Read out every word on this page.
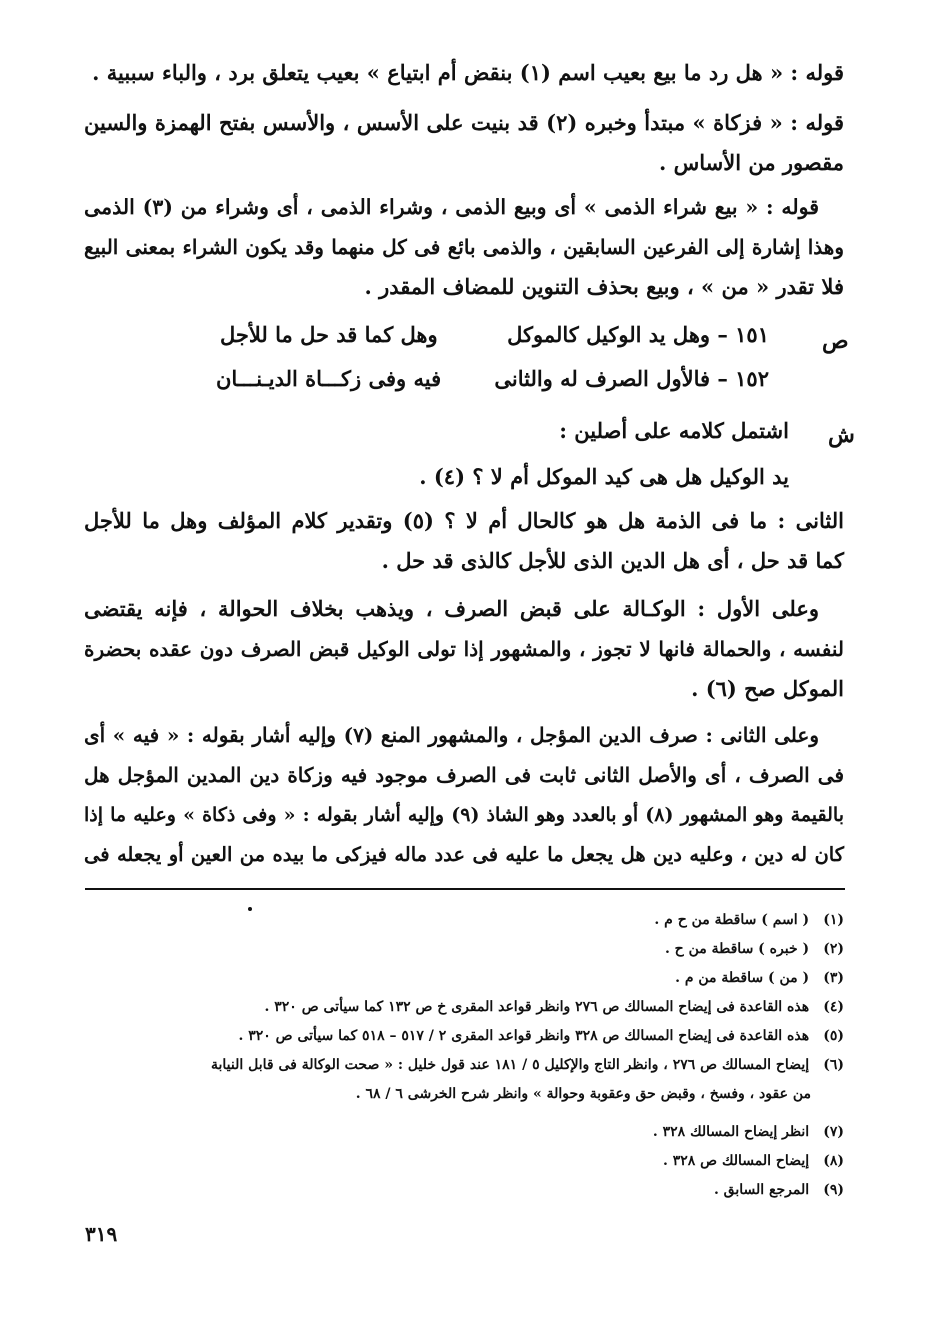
قوله : « هل رد ما بيع بعيب اسم (١) بنقض أم ابتياع » بعيب يتعلق برد ، والباء سببية .
قوله : « فزكاة » مبتدأ وخبره (٢) قد بنيت على الأسس ، والأسس بفتح الهمزة والسين
مقصور من الأساس .
قوله : « بيع شراء الذمى » أى وبيع الذمى ، وشراء الذمى ، أى وشراء من (٣) الذمى
وهذا إشارة إلى الفرعين السابقين ، والذمى بائع فى كل منهما وقد يكون الشراء بمعنى البيع
فلا تقدر « من » ، وبيع بحذف التنوين للمضاف المقدر .
ص
١٥١ – وهل يد الوكيل كالموكل
وهل كما قد حل ما للأجل
١٥٢ – فالأول الصرف له والثانى
فيه وفى زكـــاة الديـنـــان
ش
اشتمل كلامه على أصلين :
يد الوكيل هل هى كيد الموكل أم لا ؟ (٤) .
الثانى : ما فى الذمة هل هو كالحال أم لا ؟ (٥) وتقدير كلام المؤلف وهل ما للأجل
كما قد حل ، أى هل الدين الذى للأجل كالذى قد حل .
وعلى الأول : الوكـالة على قبض الصرف ، ويذهب بخلاف الحوالة ، فإنه يقتضى
لنفسه ، والحمالة فانها لا تجوز ، والمشهور إذا تولى الوكيل قبض الصرف دون عقده بحضرة
الموكل صح (٦) .
وعلى الثانى : صرف الدين المؤجل ، والمشهور المنع (٧) وإليه أشار بقوله : « فيه » أى
فى الصرف ، أى والأصل الثانى ثابت فى الصرف موجود فيه وزكاة دين المدين المؤجل هل
بالقيمة وهو المشهور (٨) أو بالعدد وهو الشاذ (٩) وإليه أشار بقوله : « وفى ذكاة » وعليه ما إذا
كان له دين ، وعليه دين هل يجعل ما عليه فى عدد ماله فيزكى ما بيده من العين أو يجعله فى
(١) ( اسم ) ساقطة من ح م .
(٢) ( خبره ) ساقطة من ح .
(٣) ( من ) ساقطة من م .
(٤) هذه القاعدة فى إيضاح المسالك ص ٢٧٦ وانظر قواعد المقرى خ ص ١٣٢ كما سيأتى ص ٣٢٠ .
(٥) هذه القاعدة فى إيضاح المسالك ص ٣٢٨ وانظر قواعد المقرى ٢ / ٥١٧ – ٥١٨ كما سيأتى ص ٣٢٠ .
(٦) إيضاح المسالك ص ٢٧٦ ، وانظر التاج والإكليل ٥ / ١٨١ عند قول خليل : « صحت الوكالة فى قابل النيابة
من عقود ، وفسخ ، وقبض حق وعقوبة وحوالة » وانظر شرح الخرشى ٦ / ٦٨ .
(٧) انظر إيضاح المسالك ٣٢٨ .
(٨) إيضاح المسالك ص ٣٢٨ .
(٩) المرجع السابق .
٣١٩
